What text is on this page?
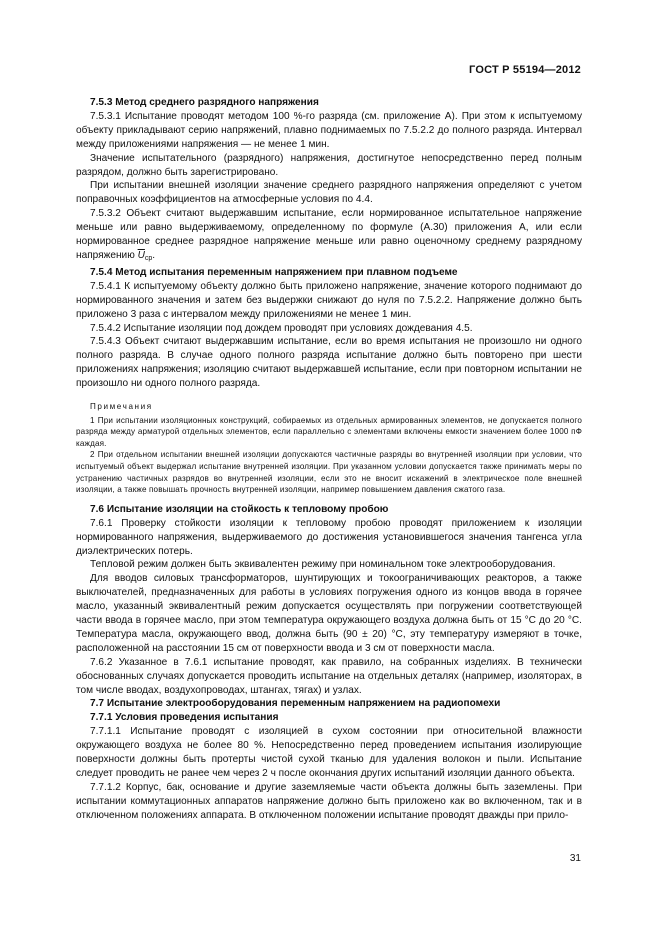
ГОСТ Р 55194—2012

7.5.3 Метод среднего разрядного напряжения

7.5.3.1 Испытание проводят методом 100 %-го разряда (см. приложение А). При этом к испытуемому объекту прикладывают серию напряжений, плавно поднимаемых по 7.5.2.2 до полного разряда. Интервал между приложениями напряжения — не менее 1 мин.

Значение испытательного (разрядного) напряжения, достигнутое непосредственно перед полным разрядом, должно быть зарегистрировано.

При испытании внешней изоляции значение среднего разрядного напряжения определяют с учетом поправочных коэффициентов на атмосферные условия по 4.4.

7.5.3.2 Объект считают выдержавшим испытание, если нормированное испытательное напряжение меньше или равно выдерживаемому, определенному по формуле (А.30) приложения А, или если нормированное среднее разрядное напряжение меньше или равно оценочному среднему разрядному напряжению $\overline{U}_{ср}$.

7.5.4 Метод испытания переменным напряжением при плавном подъеме

7.5.4.1 К испытуемому объекту должно быть приложено напряжение, значение которого поднимают до нормированного значения и затем без выдержки снижают до нуля по 7.5.2.2. Напряжение должно быть приложено 3 раза с интервалом между приложениями не менее 1 мин.

7.5.4.2 Испытание изоляции под дождем проводят при условиях дождевания 4.5.

7.5.4.3 Объект считают выдержавшим испытание, если во время испытания не произошло ни одного полного разряда. В случае одного полного разряда испытание должно быть повторено при шести приложениях напряжения; изоляцию считают выдержавшей испытание, если при повторном испытании не произошло ни одного полного разряда.

Примечания

1 При испытании изоляционных конструкций, собираемых из отдельных армированных элементов, не допускается полного разряда между арматурой отдельных элементов, если параллельно с элементами включены емкости значением более 1000 пФ каждая.

2 При отдельном испытании внешней изоляции допускаются частичные разряды во внутренней изоляции при условии, что испытуемый объект выдержал испытание внутренней изоляции. При указанном условии допускается также принимать меры по устранению частичных разрядов во внутренней изоляции, если это не вносит искажений в электрическое поле внешней изоляции, а также повышать прочность внутренней изоляции, например повышением давления сжатого газа.

7.6 Испытание изоляции на стойкость к тепловому пробою

7.6.1 Проверку стойкости изоляции к тепловому пробою проводят приложением к изоляции нормированного напряжения, выдерживаемого до достижения установившегося значения тангенса угла диэлектрических потерь.

Тепловой режим должен быть эквивалентен режиму при номинальном токе электрооборудования.

Для вводов силовых трансформаторов, шунтирующих и токоограничивающих реакторов, а также выключателей, предназначенных для работы в условиях погружения одного из концов ввода в горячее масло, указанный эквивалентный режим допускается осуществлять при погружении соответствующей части ввода в горячее масло, при этом температура окружающего воздуха должна быть от 15 °С до 20 °С. Температура масла, окружающего ввод, должна быть (90 ± 20) °С, эту температуру измеряют в точке, расположенной на расстоянии 15 см от поверхности ввода и 3 см от поверхности масла.

7.6.2 Указанное в 7.6.1 испытание проводят, как правило, на собранных изделиях. В технически обоснованных случаях допускается проводить испытание на отдельных деталях (например, изоляторах, в том числе вводах, воздухопроводах, штангах, тягах) и узлах.

7.7 Испытание электрооборудования переменным напряжением на радиопомехи

7.7.1 Условия проведения испытания

7.7.1.1 Испытание проводят с изоляцией в сухом состоянии при относительной влажности окружающего воздуха не более 80 %. Непосредственно перед проведением испытания изолирующие поверхности должны быть протерты чистой сухой тканью для удаления волокон и пыли. Испытание следует проводить не ранее чем через 2 ч после окончания других испытаний изоляции данного объекта.

7.7.1.2 Корпус, бак, основание и другие заземляемые части объекта должны быть заземлены. При испытании коммутационных аппаратов напряжение должно быть приложено как во включенном, так и в отключенном положениях аппарата. В отключенном положении испытание проводят дважды при прило-

31
